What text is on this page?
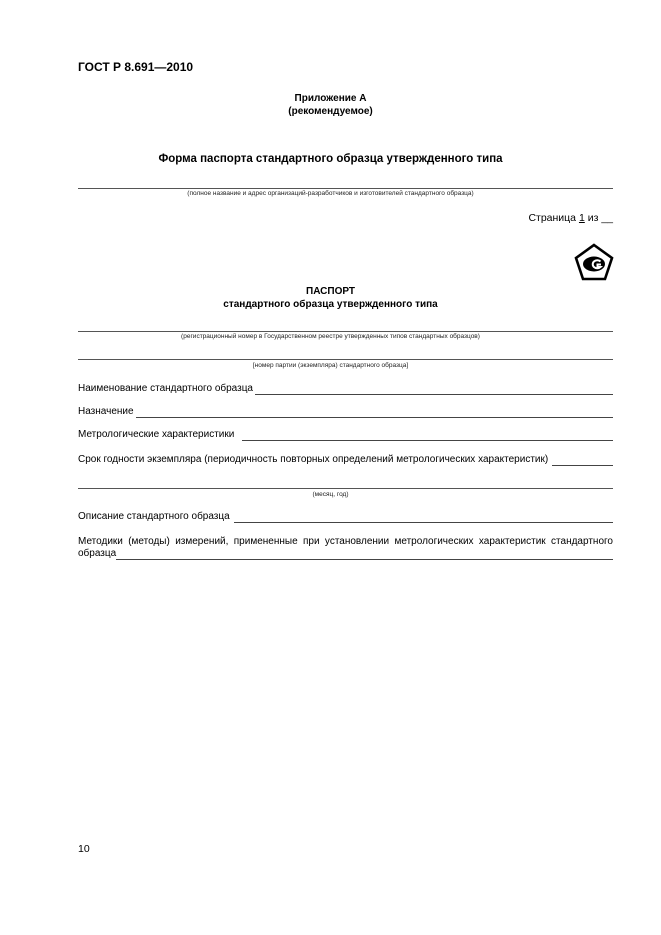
ГОСТ Р 8.691—2010
Приложение А
(рекомендуемое)
Форма паспорта стандартного образца утвержденного типа
(полное название и адрес организаций-разработчиков и изготовителей стандартного образца)
Страница 1 из __
ПАСПОРТ
стандартного образца утвержденного типа
(регистрационный номер в Государственном реестре утвержденных типов стандартных образцов)
[номер партии (экземпляра) стандартного образца]
Наименование стандартного образца
Назначение
Метрологические характеристики
Срок годности экземпляра (периодичность повторных определений метрологических характеристик)
(месяц, год)
Описание стандартного образца
Методики (методы) измерений, примененные при установлении метрологических характеристик стандартного
образца
10
